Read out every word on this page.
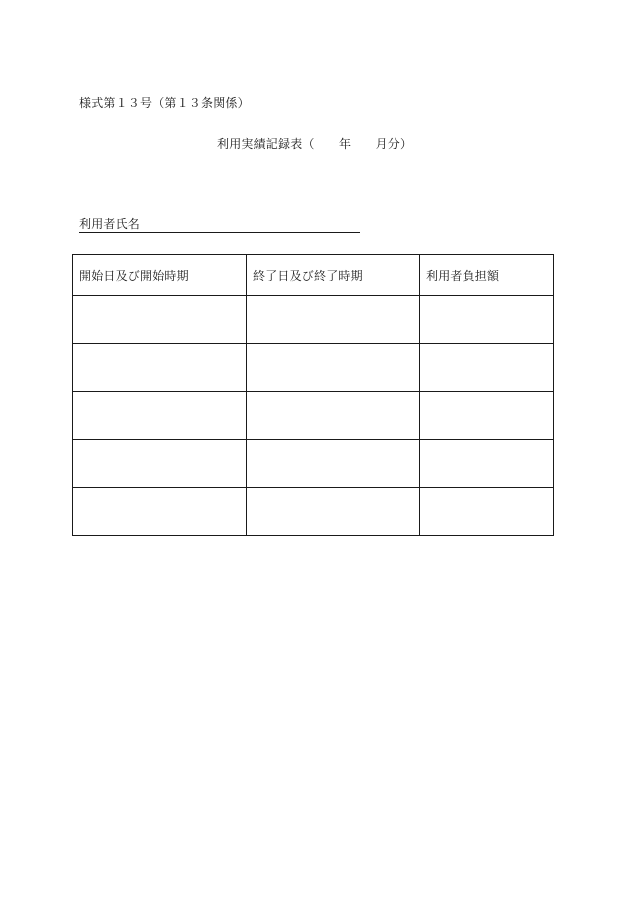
様式第１３号（第１３条関係）
利用実績記録表（　　年　　月分）
利用者氏名
開始日及び開始時期	終了日及び終了時期	利用者負担額
